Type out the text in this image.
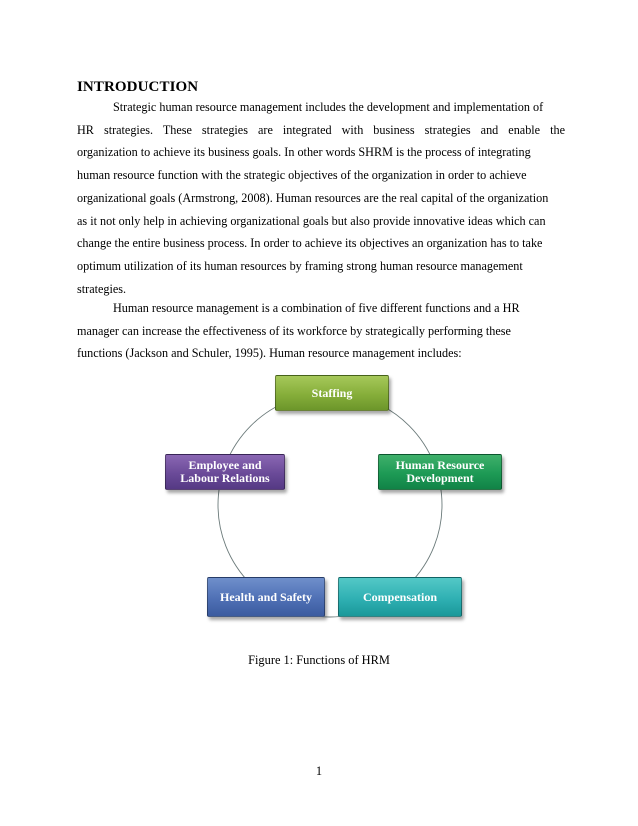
INTRODUCTION

Strategic human resource management includes the development and implementation of
HR strategies. These strategies are integrated with business strategies and enable the
organization to achieve its business goals. In other words SHRM is the process of integrating
human resource function with the strategic objectives of the organization in order to achieve
organizational goals (Armstrong, 2008). Human resources are the real capital of the organization
as it not only help in achieving organizational goals but also provide innovative ideas which can
change the entire business process. In order to achieve its objectives an organization has to take
optimum utilization of its human resources by framing strong human resource management
strategies.

Human resource management is a combination of five different functions and a HR
manager can increase the effectiveness of its workforce by strategically performing these
functions (Jackson and Schuler, 1995). Human resource management includes:

Staffing
Human Resource
Development
Compensation
Health and Safety
Employee and
Labour Relations
Figure 1: Functions of HRM
1
